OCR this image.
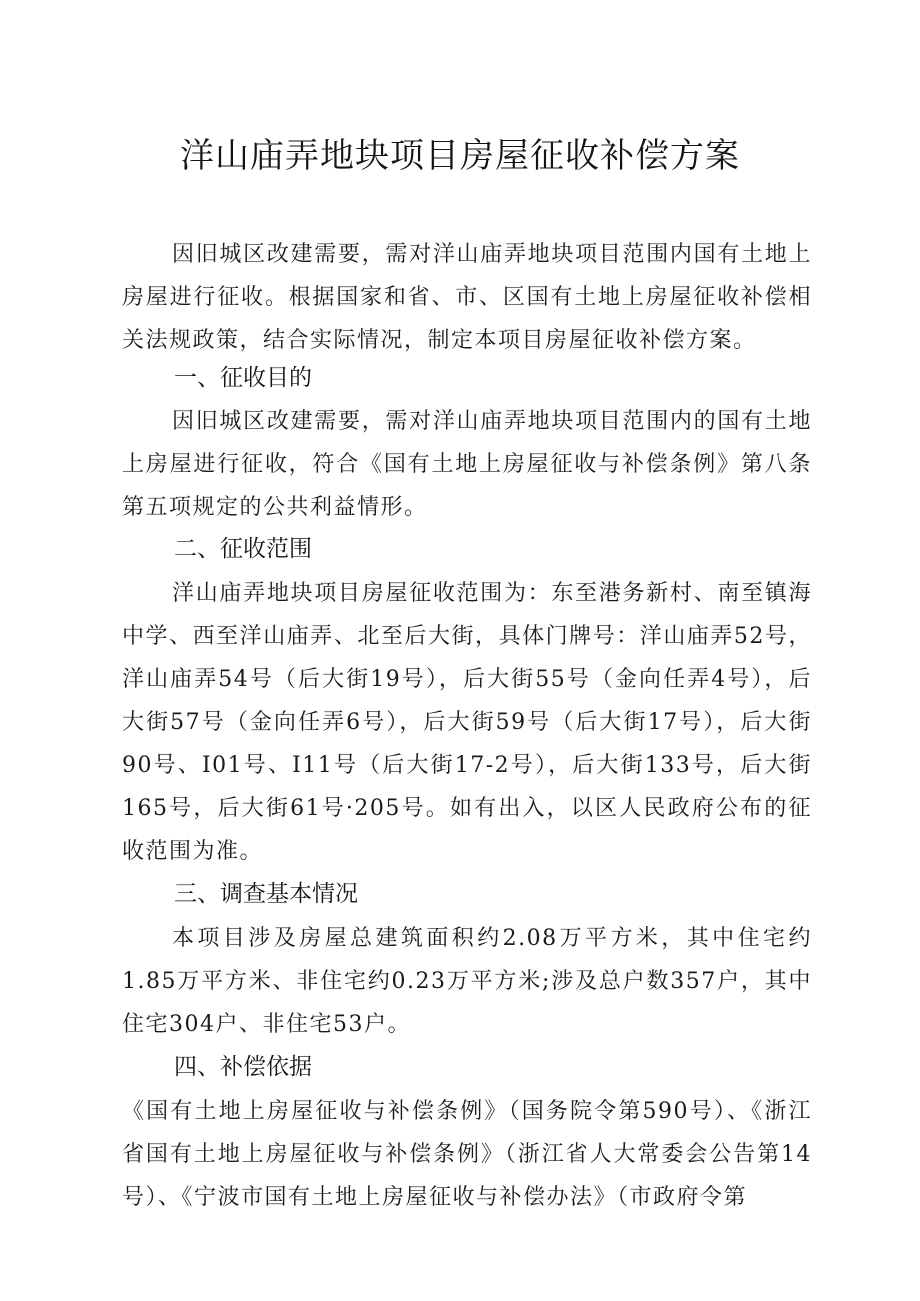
洋山庙弄地块项目房屋征收补偿方案

因旧城区改建需要，需对洋山庙弄地块项目范围内国有土地上房屋进行征收。根据国家和省、市、区国有土地上房屋征收补偿相关法规政策，结合实际情况，制定本项目房屋征收补偿方案。

一、征收目的

因旧城区改建需要，需对洋山庙弄地块项目范围内的国有土地上房屋进行征收，符合《国有土地上房屋征收与补偿条例》第八条第五项规定的公共利益情形。

二、征收范围

洋山庙弄地块项目房屋征收范围为：东至港务新村、南至镇海中学、西至洋山庙弄、北至后大街，具体门牌号：洋山庙弄52号，洋山庙弄54号（后大街19号），后大街55号（金向任弄4号），后大街57号（金向任弄6号），后大街59号（后大街17号），后大街90号、I01号、I11号（后大街17-2号），后大街133号，后大街165号，后大街61号·205号。如有出入，以区人民政府公布的征收范围为准。

三、调查基本情况

本项目涉及房屋总建筑面积约2.08万平方米，其中住宅约1.85万平方米、非住宅约0.23万平方米;涉及总户数357户，其中住宅304户、非住宅53户。

四、补偿依据

《国有土地上房屋征收与补偿条例》（国务院令第590号）、《浙江省国有土地上房屋征收与补偿条例》（浙江省人大常委会公告第14号）、《宁波市国有土地上房屋征收与补偿办法》（市政府令第
